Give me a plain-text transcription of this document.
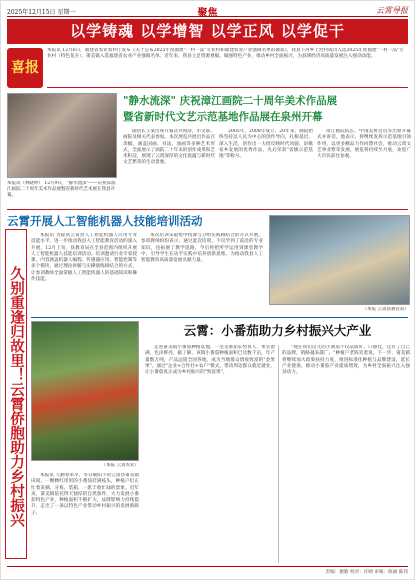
2025年12月15日 星期一	聚焦	云霄导报
以学铸魂 以学增智 以学正风 以学促干
喜报
本报讯 12月6日，福建省农业农村厅发布《关于公布2025年度福建"一村一品"专业村和福建农业产业强镇名单的通知》，我县下河乡上营村成功入选2025年度福建"一村一品"专业村（特色花卉），莆美镇入选福建省农业产业强镇名单。近年来，我县立足资源禀赋，做强特色产业，推动乡村全面振兴，为县域经济高质量发展注入强劲动能。
本报讯（林晓坤） 12月9日，"静水流深"——庆祝漳浦江画院二十周年美术作品展暨省新时代艺术展在我县开幕。
"静水流深" 庆祝漳江画院二十周年美术作品展
暨省新时代文艺示范基地作品展在泉州开幕

副县长王某出席开幕式并致辞，市文联、画院及相关代表参加。本次展览共展出作品百余幅，涵盖国画、书法、油画等多种艺术形式，全面展示了画院二十年来的创作成果和艺术积淀，展现了云霄深厚的文化底蕴与新时代文艺繁荣的生动景象。

2005年，2008年成立，20年来，画院始终坚持以人民为中心的创作导向，扎根基层、深入生活，创作出一大批反映时代风貌、讴歌家乡发展的优秀作品，先后荣获"省级示范基地"等称号。

漳江画院院长、中国美协会员等出席开幕式并讲话。他表示，将继续发挥示范基地引领作用，以更多精品力作回馈社会，推动云霄文艺事业繁荣发展。展览将持续至月底，欢迎广大市民前往参观。

云霄开展人工智能机器人技能培训活动

本报讯 为提高云霄县人工智能机器人应用专业技能水平，进一步推动我县人工智能教育活动的深入开展，12月上旬，县教育局在全县范围内组织开展人工智能机器人技能培训活动。培训邀请行业专家授课，内容涵盖机器人编程、传感器应用、智能控制等多个模块，通过理论讲解与实操演练相结合的方式，让参训教师全面掌握人工智能机器人的基础知识和操作技能。

本次培训采取集中授课与分组实践相结合的方式开展，参训教师纷纷表示，通过此次培训，不仅学到了前沿的专业知识，也拓展了教学思路，今后将把所学运用到课堂教学中，引导学生在动手实践中培养创新思维，为推动我县人工智能教育高质量发展贡献力量。

（本报 云霄县教育局）
久别重逢归故里！云霄侨胞助力乡村振兴	（本报 云霄农业）
云霄：小番茄助力乡村振兴大产业

本报讯 人勤春来早，冬日暖阳下的云霄县莆美镇田间，一颗颗红彤彤的小番茄挂满枝头，种植户们正忙着采摘、分拣、装箱，一派丰收忙碌的景象。近年来，莆美镇依托得天独厚的自然条件，大力发展小番茄特色产业，种植面积不断扩大，品牌影响力持续提升，走出了一条以特色产业带动乡村振兴的发展新路子。

走进莆美镇小番茄种植基地，一垄垄番茄长势喜人，果实饱满、色泽鲜亮。据了解，该镇小番茄种植面积已达数千亩，年产量数万吨，产品远销全国各地，成为当地群众增收致富的"金果果"。通过"企业+合作社+农户"模式，带动周边群众就近就业，让小番茄真正成为乡村振兴的"致富果"。

"现在我们这儿的小番茄不仅品质好、口感佳，还有了自己的品牌，销路越来越广。"种植户老陈笑着说。下一步，莆美镇将继续加大政策扶持力度，推进标准化种植与品牌建设，延长产业链条，推动小番茄产业提质增效，为乡村全面振兴注入强劲动力。

责编：谢敏 校对：许晴 审核：陈丽 陈伟
